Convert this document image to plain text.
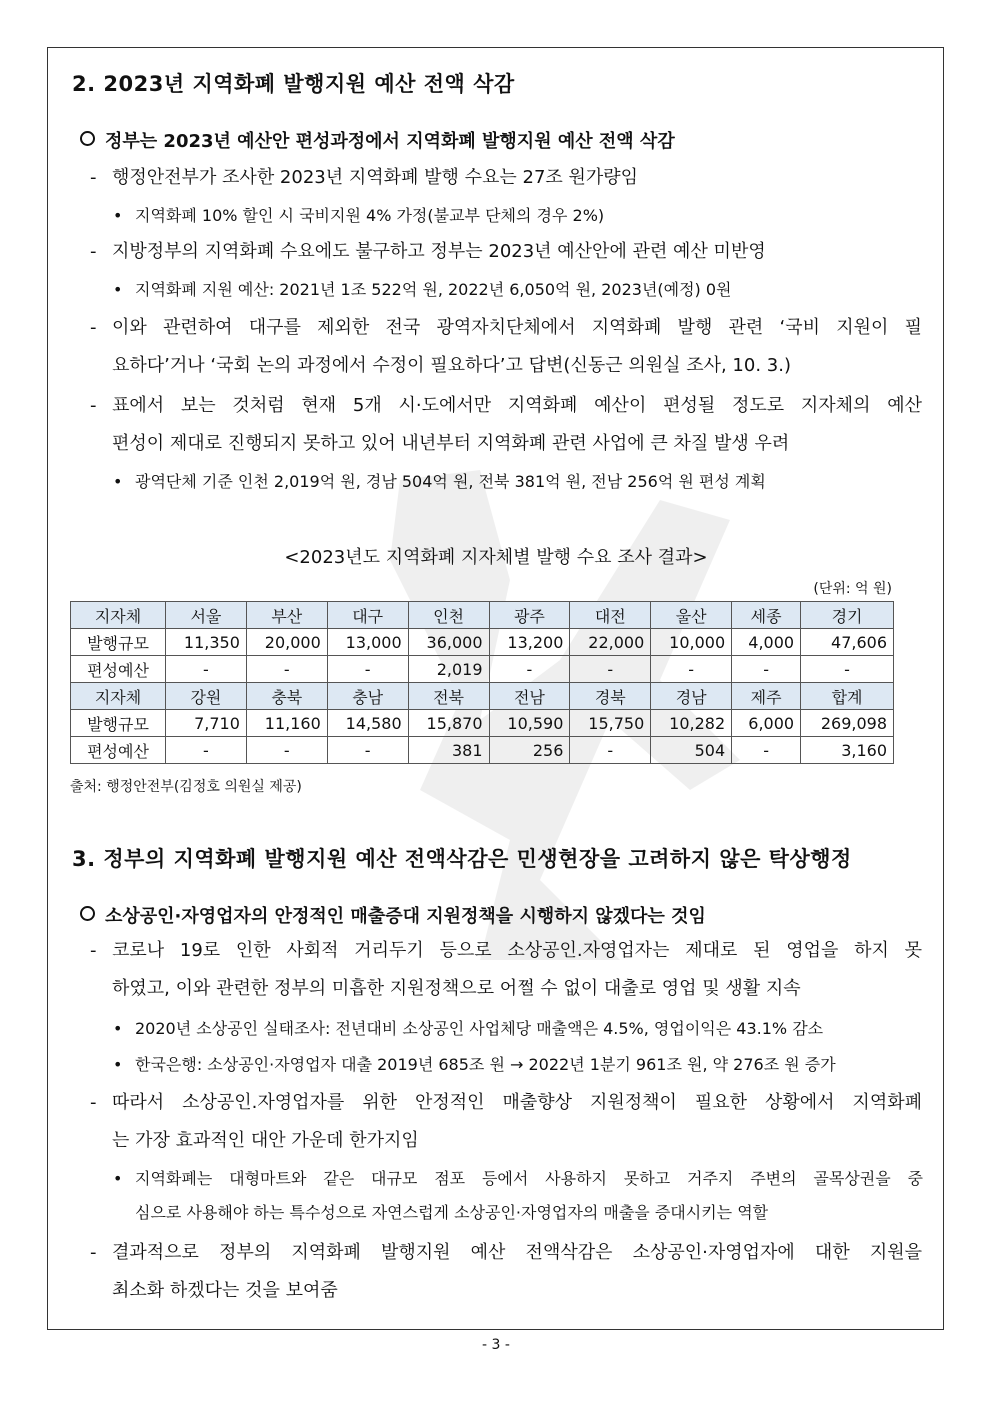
2. 2023년 지역화폐 발행지원 예산 전액 삭감
정부는 2023년 예산안 편성과정에서 지역화폐 발행지원 예산 전액 삭감
- 행정안전부가 조사한 2023년 지역화폐 발행 수요는 27조 원가량임
• 지역화폐 10% 할인 시 국비지원 4% 가정(불교부 단체의 경우 2%)
- 지방정부의 지역화폐 수요에도 불구하고 정부는 2023년 예산안에 관련 예산 미반영
• 지역화폐 지원 예산: 2021년 1조 522억 원, 2022년 6,050억 원, 2023년(예정) 0원
- 이와 관련하여 대구를 제외한 전국 광역자치단체에서 지역화폐 발행 관련 ‘국비 지원이 필
요하다’거나 ‘국회 논의 과정에서 수정이 필요하다’고 답변(신동근 의원실 조사, 10. 3.)
- 표에서 보는 것처럼 현재 5개 시·도에서만 지역화폐 예산이 편성될 정도로 지자체의 예산
편성이 제대로 진행되지 못하고 있어 내년부터 지역화폐 관련 사업에 큰 차질 발생 우려
• 광역단체 기준 인천 2,019억 원, 경남 504억 원, 전북 381억 원, 전남 256억 원 편성 계획
<2023년도 지역화폐 지자체별 발행 수요 조사 결과>
(단위: 억 원)
지자체	서울	부산	대구	인천	광주	대전	울산	세종	경기
발행규모	11,350	20,000	13,000	36,000	13,200	22,000	10,000	4,000	47,606
편성예산	-	-	-	2,019	-	-	-	-	-
지자체	강원	충북	충남	전북	전남	경북	경남	제주	합계
발행규모	7,710	11,160	14,580	15,870	10,590	15,750	10,282	6,000	269,098
편성예산	-	-	-	381	256	-	504	-	3,160
출처: 행정안전부(김정호 의원실 제공)
3. 정부의 지역화폐 발행지원 예산 전액삭감은 민생현장을 고려하지 않은 탁상행정
소상공인·자영업자의 안정적인 매출증대 지원정책을 시행하지 않겠다는 것임
- 코로나 19로 인한 사회적 거리두기 등으로 소상공인.자영업자는 제대로 된 영업을 하지 못
하였고, 이와 관련한 정부의 미흡한 지원정책으로 어쩔 수 없이 대출로 영업 및 생활 지속
• 2020년 소상공인 실태조사: 전년대비 소상공인 사업체당 매출액은 4.5%, 영업이익은 43.1% 감소
• 한국은행: 소상공인·자영업자 대출 2019년 685조 원 → 2022년 1분기 961조 원, 약 276조 원 증가
- 따라서 소상공인.자영업자를 위한 안정적인 매출향상 지원정책이 필요한 상황에서 지역화폐
는 가장 효과적인 대안 가운데 한가지임
• 지역화폐는 대형마트와 같은 대규모 점포 등에서 사용하지 못하고 거주지 주변의 골목상권을 중
심으로 사용해야 하는 특수성으로 자연스럽게 소상공인·자영업자의 매출을 증대시키는 역할
- 결과적으로 정부의 지역화폐 발행지원 예산 전액삭감은 소상공인·자영업자에 대한 지원을
최소화 하겠다는 것을 보여줌
- 3 -
